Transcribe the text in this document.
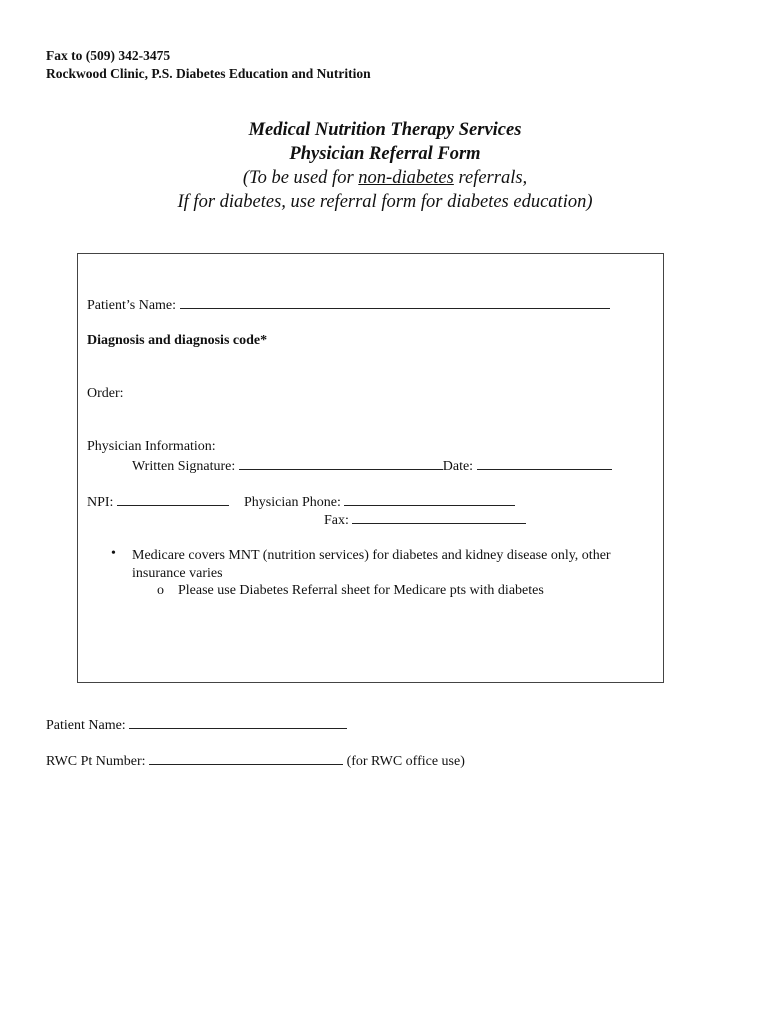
Fax to (509) 342-3475
Rockwood Clinic, P.S. Diabetes Education and Nutrition
Medical Nutrition Therapy Services
Physician Referral Form
(To be used for non-diabetes referrals,
If for diabetes, use referral form for diabetes education)
Patient’s Name:
Diagnosis and diagnosis code*
Order:
Physician Information:
Written Signature:	Date:
NPI:	Physician Phone:
Fax:
• Medicare covers MNT (nutrition services) for diabetes and kidney disease only, other
insurance varies
o Please use Diabetes Referral sheet for Medicare pts with diabetes
Patient Name:
RWC Pt Number:	(for RWC office use)
